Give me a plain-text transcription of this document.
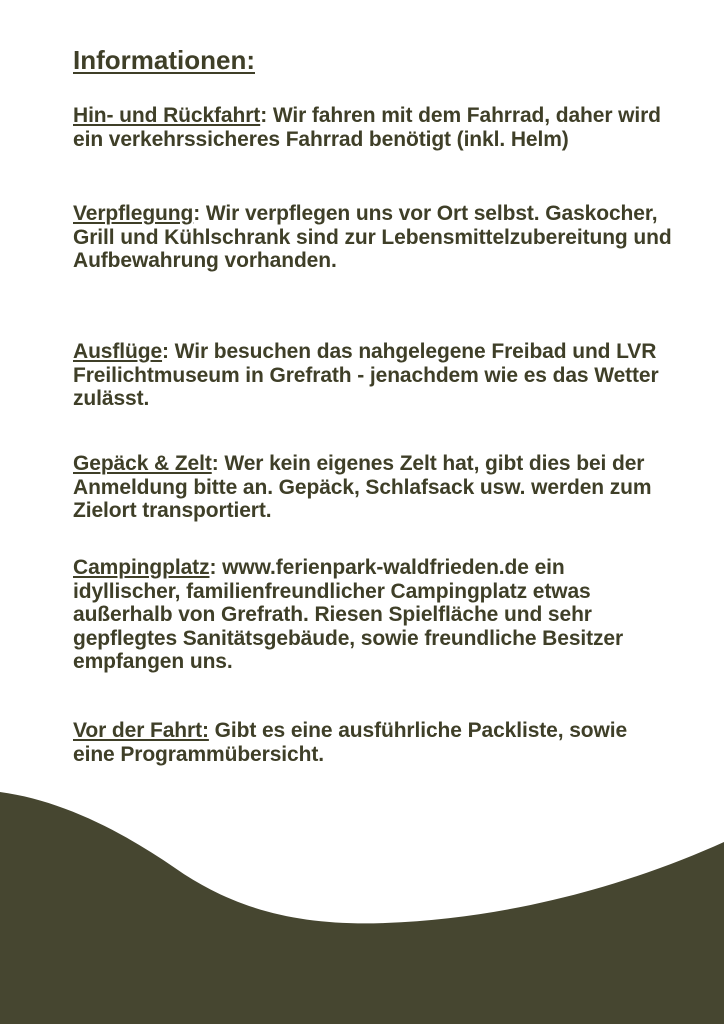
Informationen:

Hin- und Rückfahrt: Wir fahren mit dem Fahrrad, daher wird ein verkehrssicheres Fahrrad benötigt (inkl. Helm)

Verpflegung: Wir verpflegen uns vor Ort selbst. Gaskocher, Grill und Kühlschrank sind zur Lebensmittelzubereitung und Aufbewahrung vorhanden.

Ausflüge: Wir besuchen das nahgelegene Freibad und LVR Freilichtmuseum in Grefrath - jenachdem wie es das Wetter zulässt.

Gepäck & Zelt: Wer kein eigenes Zelt hat, gibt dies bei der Anmeldung bitte an. Gepäck, Schlafsack usw. werden zum Zielort transportiert.

Campingplatz: www.ferienpark-waldfrieden.de ein idyllischer, familienfreundlicher Campingplatz etwas außerhalb von Grefrath. Riesen Spielfläche und sehr gepflegtes Sanitätsgebäude, sowie freundliche Besitzer empfangen uns.

Vor der Fahrt: Gibt es eine ausführliche Packliste, sowie eine Programmübersicht.

Noch Fragen?
info@daswohnzimmer-toenisvorst.de
02156 971960
